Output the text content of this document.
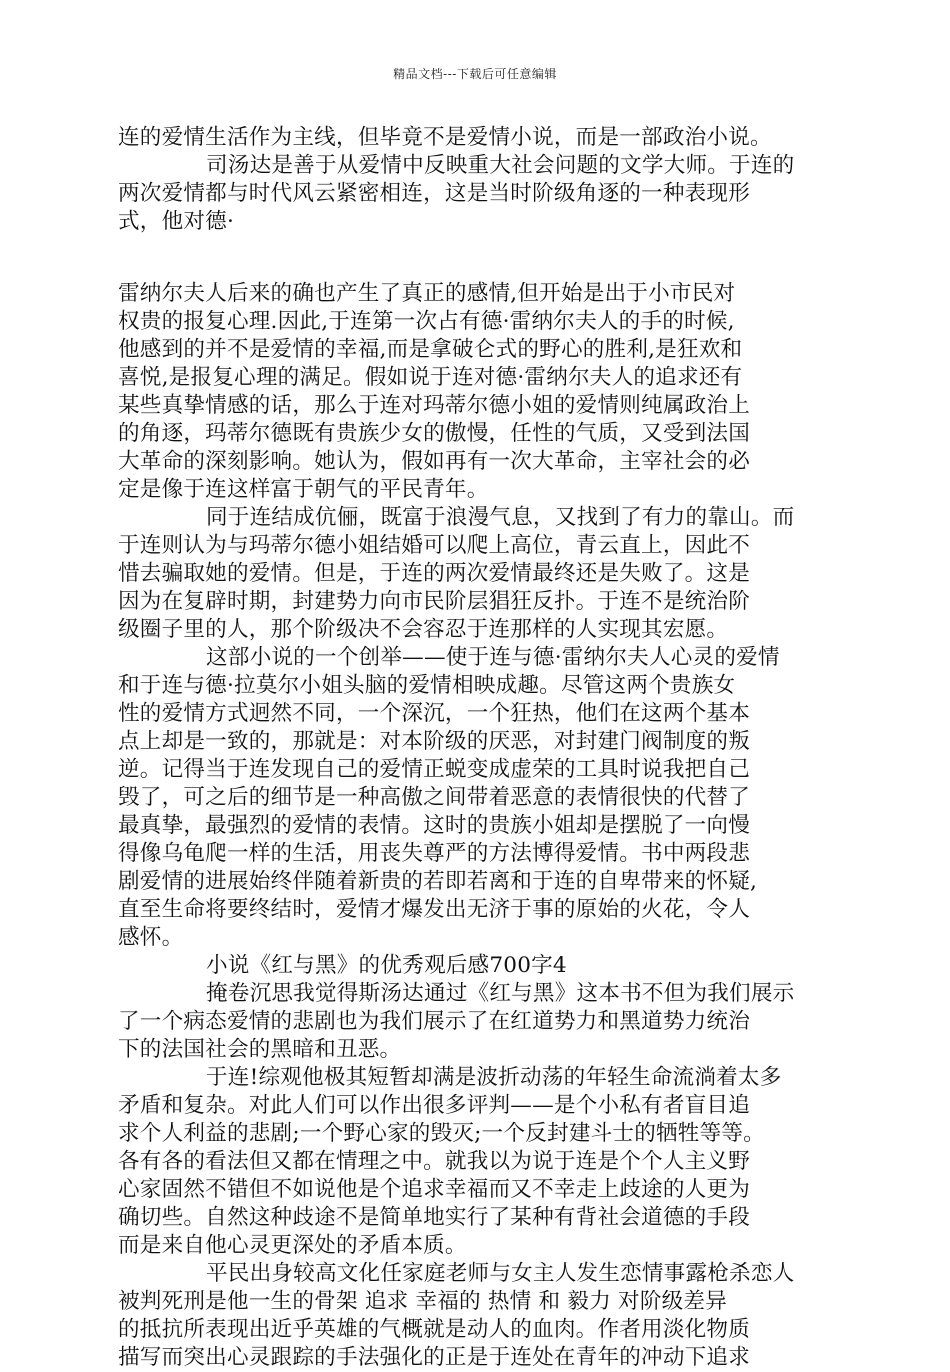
精品文档---下载后可任意编辑
连的爱情生活作为主线，但毕竟不是爱情小说，而是一部政治小说。
司汤达是善于从爱情中反映重大社会问题的文学大师。于连的
两次爱情都与时代风云紧密相连，这是当时阶级角逐的一种表现形
式，他对德·
雷纳尔夫人后来的确也产生了真正的感情,但开始是出于小市民对
权贵的报复心理.因此,于连第一次占有德·雷纳尔夫人的手的时候,
他感到的并不是爱情的幸福,而是拿破仑式的野心的胜利,是狂欢和
喜悦,是报复心理的满足。假如说于连对德·雷纳尔夫人的追求还有
某些真挚情感的话，那么于连对玛蒂尔德小姐的爱情则纯属政治上
的角逐，玛蒂尔德既有贵族少女的傲慢，任性的气质，又受到法国
大革命的深刻影响。她认为，假如再有一次大革命，主宰社会的必
定是像于连这样富于朝气的平民青年。
同于连结成伉俪，既富于浪漫气息，又找到了有力的靠山。而
于连则认为与玛蒂尔德小姐结婚可以爬上高位，青云直上，因此不
惜去骗取她的爱情。但是，于连的两次爱情最终还是失败了。这是
因为在复辟时期，封建势力向市民阶层猖狂反扑。于连不是统治阶
级圈子里的人，那个阶级决不会容忍于连那样的人实现其宏愿。
这部小说的一个创举——使于连与德·雷纳尔夫人心灵的爱情
和于连与德·拉莫尔小姐头脑的爱情相映成趣。尽管这两个贵族女
性的爱情方式迥然不同，一个深沉，一个狂热，他们在这两个基本
点上却是一致的，那就是：对本阶级的厌恶，对封建门阀制度的叛
逆。记得当于连发现自己的爱情正蜕变成虚荣的工具时说我把自己
毁了，可之后的细节是一种高傲之间带着恶意的表情很快的代替了
最真挚，最强烈的爱情的表情。这时的贵族小姐却是摆脱了一向慢
得像乌龟爬一样的生活，用丧失尊严的方法博得爱情。书中两段悲
剧爱情的进展始终伴随着新贵的若即若离和于连的自卑带来的怀疑,
直至生命将要终结时，爱情才爆发出无济于事的原始的火花，令人
感怀。
小说《红与黑》的优秀观后感700字4
掩卷沉思我觉得斯汤达通过《红与黑》这本书不但为我们展示
了一个病态爱情的悲剧也为我们展示了在红道势力和黑道势力统治
下的法国社会的黑暗和丑恶。
于连!综观他极其短暂却满是波折动荡的年轻生命流淌着太多
矛盾和复杂。对此人们可以作出很多评判——是个小私有者盲目追
求个人利益的悲剧;一个野心家的毁灭;一个反封建斗士的牺牲等等。
各有各的看法但又都在情理之中。就我以为说于连是个个人主义野
心家固然不错但不如说他是个追求幸福而又不幸走上歧途的人更为
确切些。自然这种歧途不是简单地实行了某种有背社会道德的手段
而是来自他心灵更深处的矛盾本质。
平民出身较高文化任家庭老师与女主人发生恋情事露枪杀恋人
被判死刑是他一生的骨架 追求 幸福的 热情 和 毅力 对阶级差异
的抵抗所表现出近乎英雄的气概就是动人的血肉。作者用淡化物质
描写而突出心灵跟踪的手法强化的正是于连处在青年的冲动下追求
